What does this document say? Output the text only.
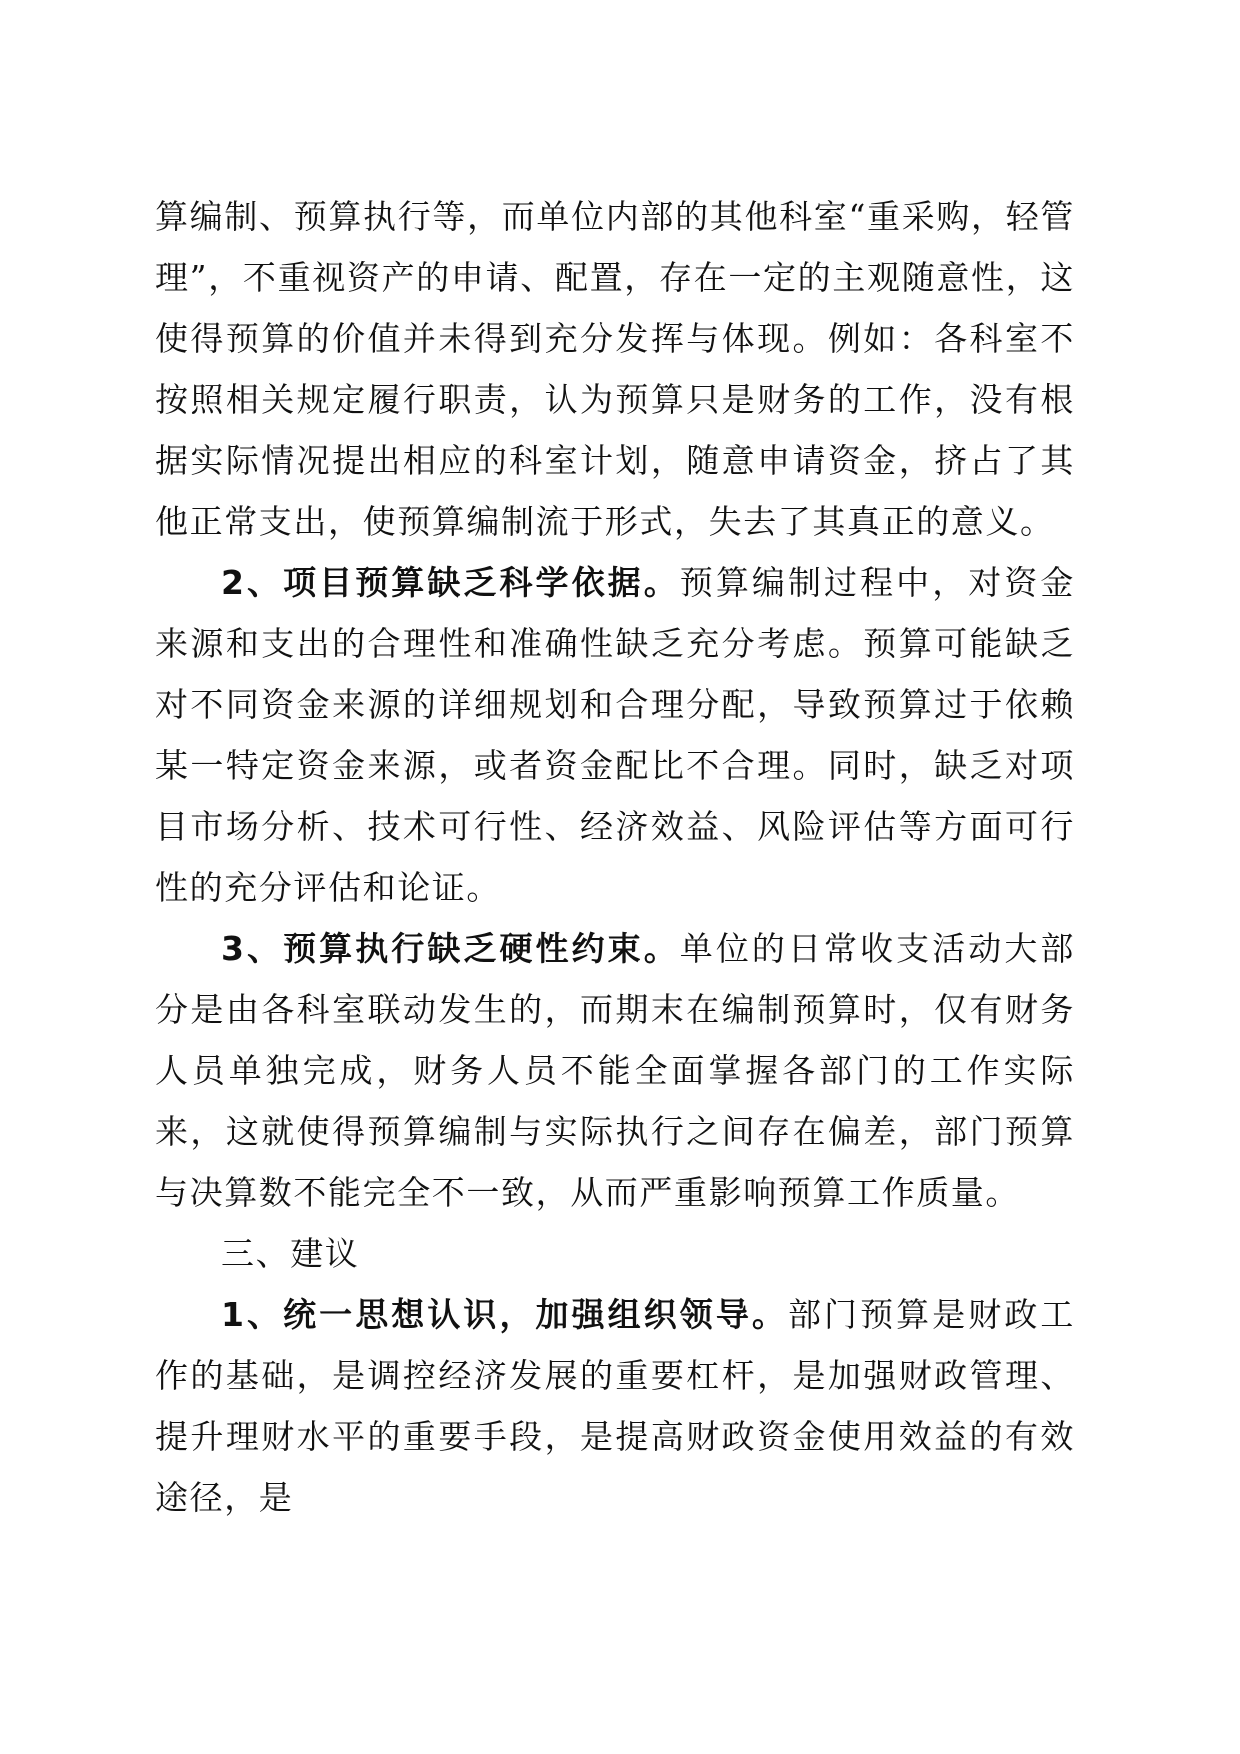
算编制、预算执行等，而单位内部的其他科室“重采购，轻管理”，不重视资产的申请、配置，存在一定的主观随意性，这使得预算的价值并未得到充分发挥与体现。例如：各科室不按照相关规定履行职责，认为预算只是财务的工作，没有根据实际情况提出相应的科室计划，随意申请资金，挤占了其他正常支出，使预算编制流于形式，失去了其真正的意义。

2、项目预算缺乏科学依据。预算编制过程中，对资金来源和支出的合理性和准确性缺乏充分考虑。预算可能缺乏对不同资金来源的详细规划和合理分配，导致预算过于依赖某一特定资金来源，或者资金配比不合理。同时，缺乏对项目市场分析、技术可行性、经济效益、风险评估等方面可行性的充分评估和论证。

3、预算执行缺乏硬性约束。单位的日常收支活动大部分是由各科室联动发生的，而期末在编制预算时，仅有财务人员单独完成，财务人员不能全面掌握各部门的工作实际来，这就使得预算编制与实际执行之间存在偏差，部门预算与决算数不能完全不一致，从而严重影响预算工作质量。

三、建议

1、统一思想认识，加强组织领导。部门预算是财政工作的基础，是调控经济发展的重要杠杆，是加强财政管理、提升理财水平的重要手段，是提高财政资金使用效益的有效途径，是
